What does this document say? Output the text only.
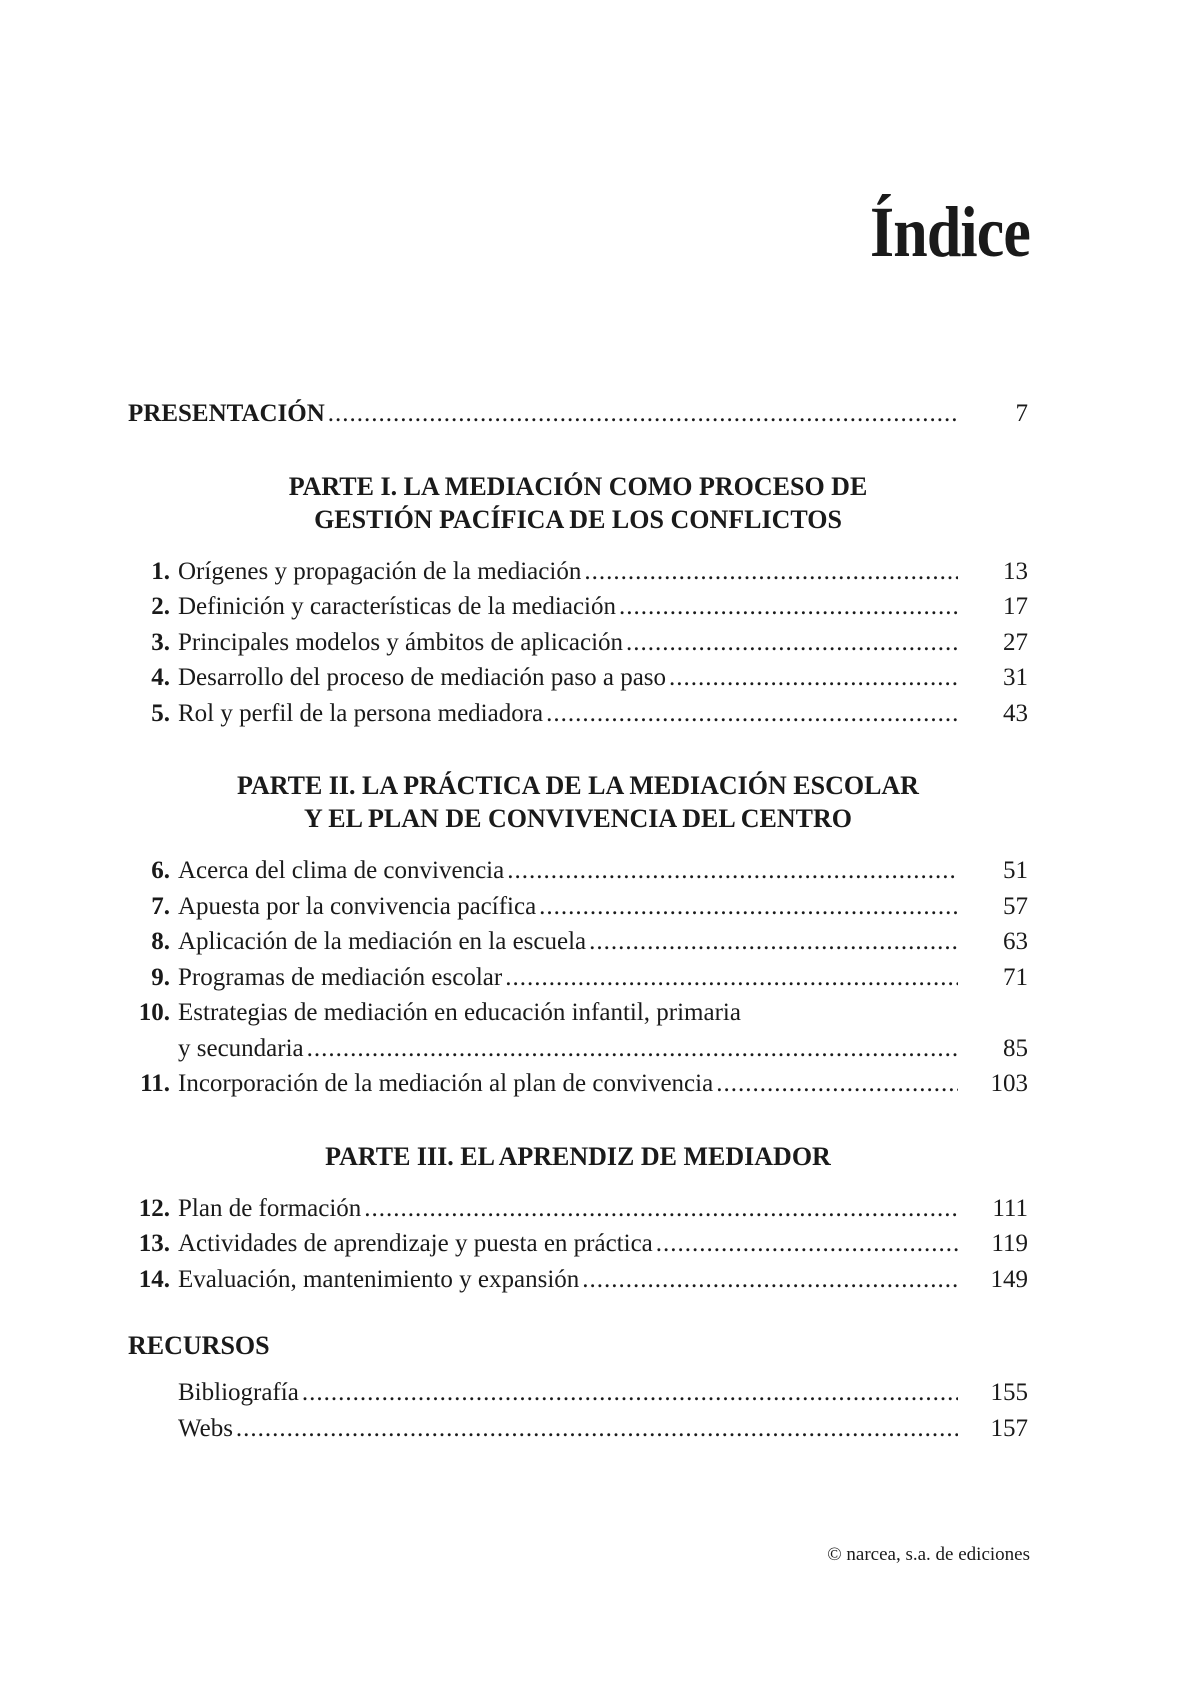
Índice
PRESENTACIÓN .....	7
PARTE I. LA MEDIACIÓN COMO PROCESO DE
GESTIÓN PACÍFICA DE LOS CONFLICTOS
1. Orígenes y propagación de la mediación .....	13
2. Definición y características de la mediación .....	17
3. Principales modelos y ámbitos de aplicación .....	27
4. Desarrollo del proceso de mediación paso a paso .....	31
5. Rol y perfil de la persona mediadora .....	43
PARTE II. LA PRÁCTICA DE LA MEDIACIÓN ESCOLAR
Y EL PLAN DE CONVIVENCIA DEL CENTRO
6. Acerca del clima de convivencia .....	51
7. Apuesta por la convivencia pacífica .....	57
8. Aplicación de la mediación en la escuela .....	63
9. Programas de mediación escolar .....	71
10. Estrategias de mediación en educación infantil, primaria
y secundaria .....	85
11. Incorporación de la mediación al plan de convivencia .....	103
PARTE III. EL APRENDIZ DE MEDIADOR
12. Plan de formación .....	111
13. Actividades de aprendizaje y puesta en práctica .....	119
14. Evaluación, mantenimiento y expansión .....	149
RECURSOS
Bibliografía .....	155
Webs .....	157

© narcea, s.a. de ediciones
